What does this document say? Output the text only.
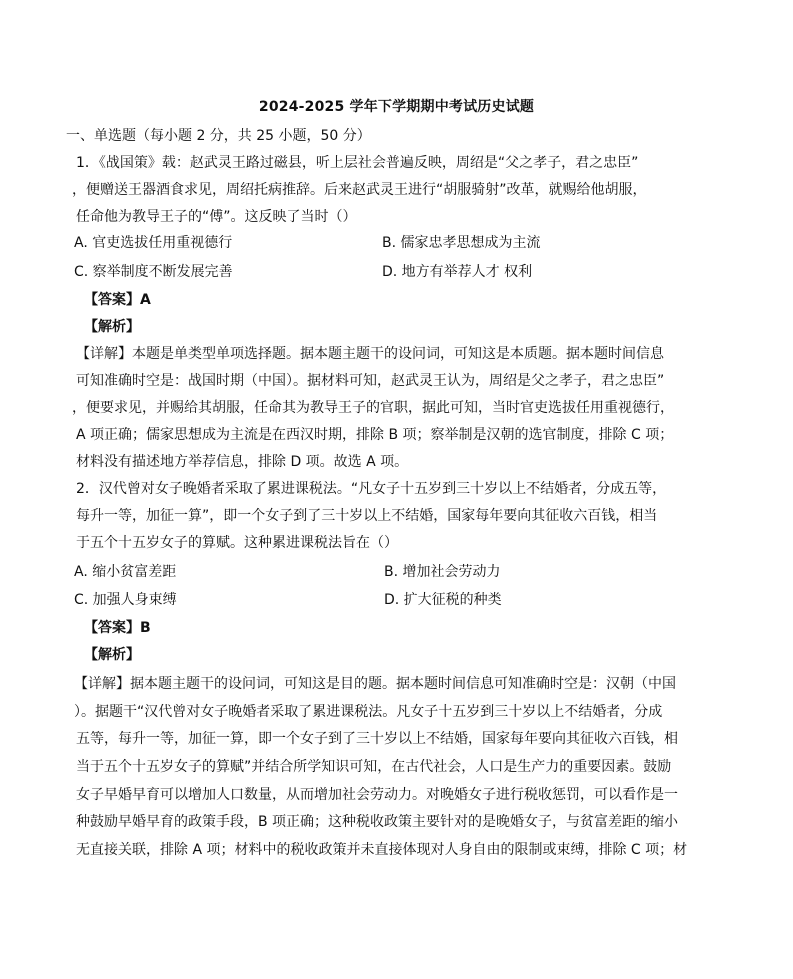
2024-2025 学年下学期期中考试历史试题
一、单选题（每小题 2 分，共 25 小题，50 分）
1．《战国策》载：赵武灵王路过磁县，听上层社会普遍反映，周绍是“父之孝子，君之忠臣”
，便赠送王器酒食求见，周绍托病推辞。后来赵武灵王进行“胡服骑射”改革，就赐给他胡服，
任命他为教导王子的“傅”。这反映了当时（）
A. 官吏选拔任用重视德行	B. 儒家忠孝思想成为主流
C. 察举制度不断发展完善	D. 地方有举荐人才 权利
【答案】A
【解析】
【详解】本题是单类型单项选择题。据本题主题干的设问词，可知这是本质题。据本题时间信息
可知准确时空是：战国时期（中国）。据材料可知，赵武灵王认为，周绍是父之孝子，君之忠臣”
，便要求见，并赐给其胡服，任命其为教导王子的官职，据此可知，当时官吏选拔任用重视德行，
A 项正确；儒家思想成为主流是在西汉时期，排除 B 项；察举制是汉朝的选官制度，排除 C 项；
材料没有描述地方举荐信息，排除 D 项。故选 A 项。
2．汉代曾对女子晚婚者采取了累进课税法。“凡女子十五岁到三十岁以上不结婚者，分成五等，
每升一等，加征一算”，即一个女子到了三十岁以上不结婚，国家每年要向其征收六百钱，相当
于五个十五岁女子的算赋。这种累进课税法旨在（）
A. 缩小贫富差距	B. 增加社会劳动力
C. 加强人身束缚	D. 扩大征税的种类
【答案】B
【解析】
【详解】据本题主题干的设问词，可知这是目的题。据本题时间信息可知准确时空是：汉朝（中国
）。据题干“汉代曾对女子晚婚者采取了累进课税法。凡女子十五岁到三十岁以上不结婚者，分成
五等，每升一等，加征一算，即一个女子到了三十岁以上不结婚，国家每年要向其征收六百钱，相
当于五个十五岁女子的算赋”并结合所学知识可知，在古代社会，人口是生产力的重要因素。鼓励
女子早婚早育可以增加人口数量，从而增加社会劳动力。对晚婚女子进行税收惩罚，可以看作是一
种鼓励早婚早育的政策手段，B 项正确；这种税收政策主要针对的是晚婚女子，与贫富差距的缩小
无直接关联，排除 A 项；材料中的税收政策并未直接体现对人身自由的限制或束缚，排除 C 项；材
